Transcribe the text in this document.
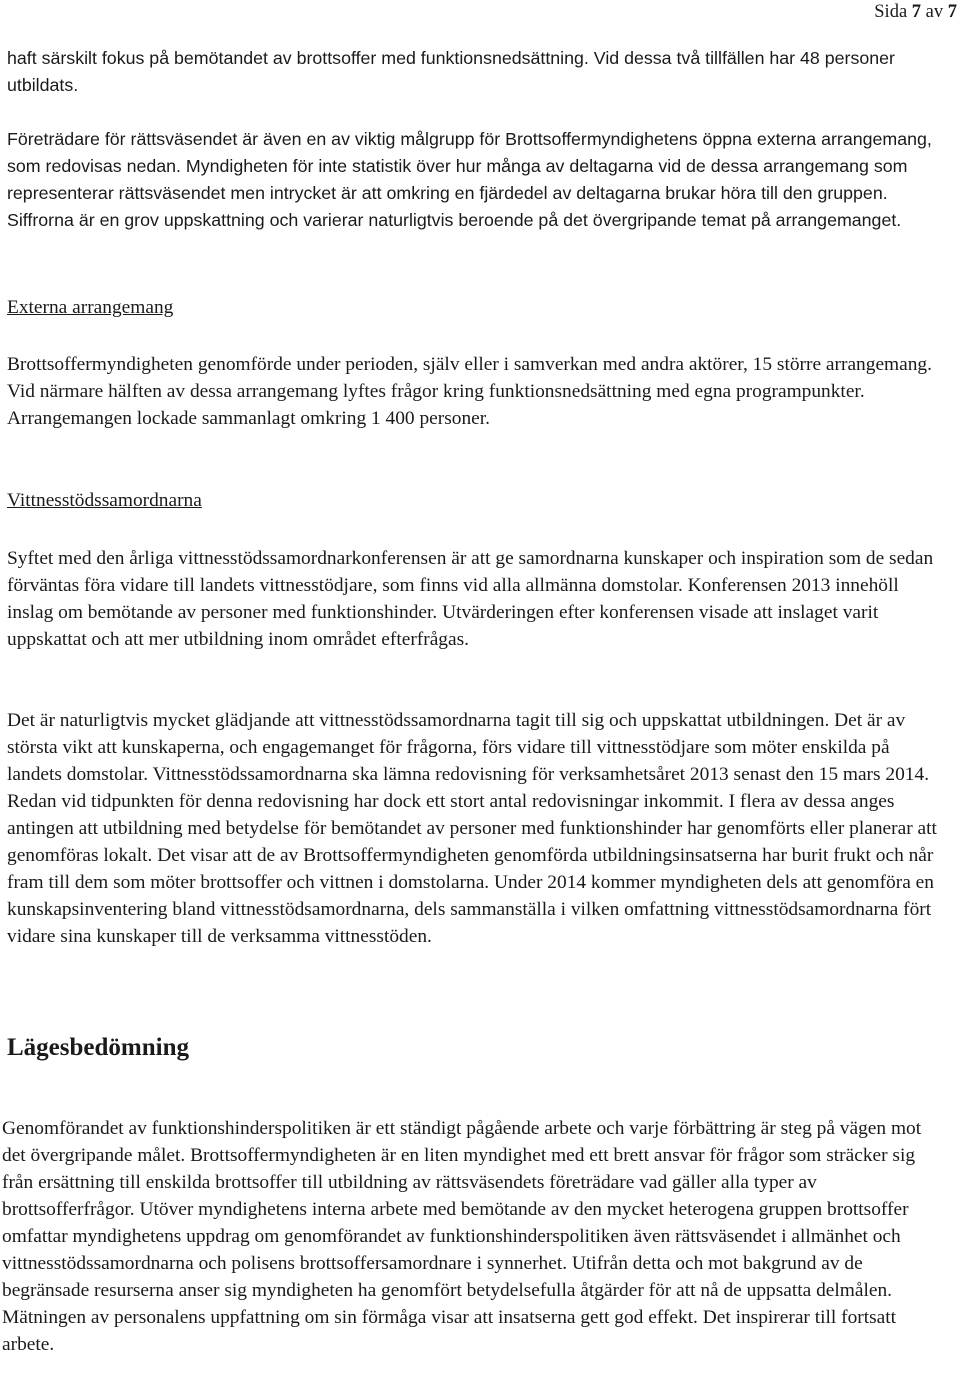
Sida 7 av 7

haft särskilt fokus på bemötandet av brottsoffer med funktionsnedsättning. Vid dessa två tillfällen har 48 personer utbildats.

Företrädare för rättsväsendet är även en av viktig målgrupp för Brottsoffermyndighetens öppna externa arrangemang, som redovisas nedan. Myndigheten för inte statistik över hur många av deltagarna vid de dessa arrangemang som representerar rättsväsendet men intrycket är att omkring en fjärdedel av deltagarna brukar höra till den gruppen. Siffrorna är en grov uppskattning och varierar naturligtvis beroende på det övergripande temat på arrangemanget.

Externa arrangemang

Brottsoffermyndigheten genomförde under perioden, själv eller i samverkan med andra aktörer, 15 större arrangemang. Vid närmare hälften av dessa arrangemang lyftes frågor kring funktionsnedsättning med egna programpunkter. Arrangemangen lockade sammanlagt omkring 1 400 personer.

Vittnesstödssamordnarna

Syftet med den årliga vittnesstödssamordnarkonferensen är att ge samordnarna kunskaper och inspiration som de sedan förväntas föra vidare till landets vittnesstödjare, som finns vid alla allmänna domstolar. Konferensen 2013 innehöll inslag om bemötande av personer med funktionshinder. Utvärderingen efter konferensen visade att inslaget varit uppskattat och att mer utbildning inom området efterfrågas.

Det är naturligtvis mycket glädjande att vittnesstödssamordnarna tagit till sig och uppskattat utbildningen. Det är av största vikt att kunskaperna, och engagemanget för frågorna, förs vidare till vittnesstödjare som möter enskilda på landets domstolar. Vittnesstödssamordnarna ska lämna redovisning för verksamhetsåret 2013 senast den 15 mars 2014. Redan vid tidpunkten för denna redovisning har dock ett stort antal redovisningar inkommit. I flera av dessa anges antingen att utbildning med betydelse för bemötandet av personer med funktionshinder har genomförts eller planerar att genomföras lokalt. Det visar att de av Brottsoffermyndigheten genomförda utbildningsinsatserna har burit frukt och når fram till dem som möter brottsoffer och vittnen i domstolarna. Under 2014 kommer myndigheten dels att genomföra en kunskapsinventering bland vittnesstödsamordnarna, dels sammanställa i vilken omfattning vittnesstödsamordnarna fört vidare sina kunskaper till de verksamma vittnesstöden.

Lägesbedömning

Genomförandet av funktionshinderspolitiken är ett ständigt pågående arbete och varje förbättring är steg på vägen mot det övergripande målet. Brottsoffermyndigheten är en liten myndighet med ett brett ansvar för frågor som sträcker sig från ersättning till enskilda brottsoffer till utbildning av rättsväsendets företrädare vad gäller alla typer av brottsofferfrågor. Utöver myndighetens interna arbete med bemötande av den mycket heterogena gruppen brottsoffer omfattar myndighetens uppdrag om genomförandet av funktionshinderspolitiken även rättsväsendet i allmänhet och vittnesstödssamordnarna och polisens brottsoffersamordnare i synnerhet. Utifrån detta och mot bakgrund av de begränsade resurserna anser sig myndigheten ha genomfört betydelsefulla åtgärder för att nå de uppsatta delmålen. Mätningen av personalens uppfattning om sin förmåga visar att insatserna gett god effekt. Det inspirerar till fortsatt arbete.
